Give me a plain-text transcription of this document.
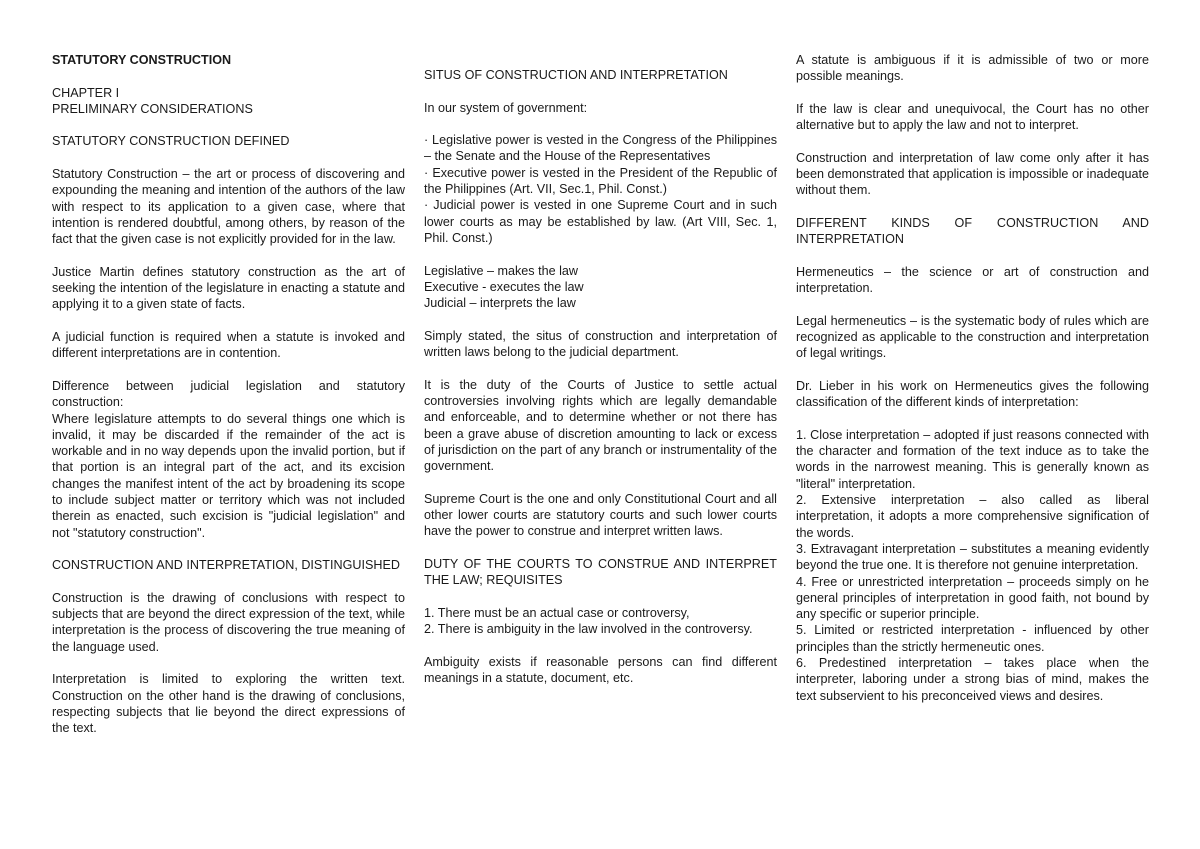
STATUTORY CONSTRUCTION

CHAPTER I

PRELIMINARY CONSIDERATIONS

STATUTORY CONSTRUCTION DEFINED

Statutory Construction – the art or process of discovering and expounding the meaning and intention of the authors of the law with respect to its application to a given case, where that intention is rendered doubtful, among others, by reason of the fact that the given case is not explicitly provided for in the law.

Justice Martin defines statutory construction as the art of seeking the intention of the legislature in enacting a statute and applying it to a given state of facts.

A judicial function is required when a statute is invoked and different interpretations are in contention.

Difference between judicial legislation and statutory construction:

Where legislature attempts to do several things one which is invalid, it may be discarded if the remainder of the act is workable and in no way depends upon the invalid portion, but if that portion is an integral part of the act, and its excision changes the manifest intent of the act by broadening its scope to include subject matter or territory which was not included therein as enacted, such excision is "judicial legislation" and not "statutory construction".

CONSTRUCTION AND INTERPRETATION, DISTINGUISHED

Construction is the drawing of conclusions with respect to subjects that are beyond the direct expression of the text, while interpretation is the process of discovering the true meaning of the language used.

Interpretation is limited to exploring the written text. Construction on the other hand is the drawing of conclusions, respecting subjects that lie beyond the direct expressions of the text.

SITUS OF CONSTRUCTION AND INTERPRETATION

In our system of government:

· Legislative power is vested in the Congress of the Philippines – the Senate and the House of the Representatives
· Executive power is vested in the President of the Republic of the Philippines (Art. VII, Sec.1, Phil. Const.)
· Judicial power is vested in one Supreme Court and in such lower courts as may be established by law. (Art VIII, Sec. 1, Phil. Const.)
Legislative – makes the law
Executive - executes the law
Judicial – interprets the law

Simply stated, the situs of construction and interpretation of written laws belong to the judicial department.

It is the duty of the Courts of Justice to settle actual controversies involving rights which are legally demandable and enforceable, and to determine whether or not there has been a grave abuse of discretion amounting to lack or excess of jurisdiction on the part of any branch or instrumentality of the government.

Supreme Court is the one and only Constitutional Court and all other lower courts are statutory courts and such lower courts have the power to construe and interpret written laws.

DUTY OF THE COURTS TO CONSTRUE AND INTERPRET THE LAW; REQUISITES

1. There must be an actual case or controversy,
2. There is ambiguity in the law involved in the controversy.

Ambiguity exists if reasonable persons can find different meanings in a statute, document, etc.

A statute is ambiguous if it is admissible of two or more possible meanings.

If the law is clear and unequivocal, the Court has no other alternative but to apply the law and not to interpret.

Construction and interpretation of law come only after it has been demonstrated that application is impossible or inadequate without them.

DIFFERENT KINDS OF CONSTRUCTION AND INTERPRETATION

Hermeneutics – the science or art of construction and interpretation.

Legal hermeneutics – is the systematic body of rules which are recognized as applicable to the construction and interpretation of legal writings.

Dr. Lieber in his work on Hermeneutics gives the following classification of the different kinds of interpretation:

1. Close interpretation – adopted if just reasons connected with the character and formation of the text induce as to take the words in the narrowest meaning. This is generally known as "literal" interpretation.
2. Extensive interpretation – also called as liberal interpretation, it adopts a more comprehensive signification of the words.
3. Extravagant interpretation – substitutes a meaning evidently beyond the true one. It is therefore not genuine interpretation.
4. Free or unrestricted interpretation – proceeds simply on he general principles of interpretation in good faith, not bound by any specific or superior principle.
5. Limited or restricted interpretation - influenced by other principles than the strictly hermeneutic ones.
6. Predestined interpretation – takes place when the interpreter, laboring under a strong bias of mind, makes the text subservient to his preconceived views and desires.
